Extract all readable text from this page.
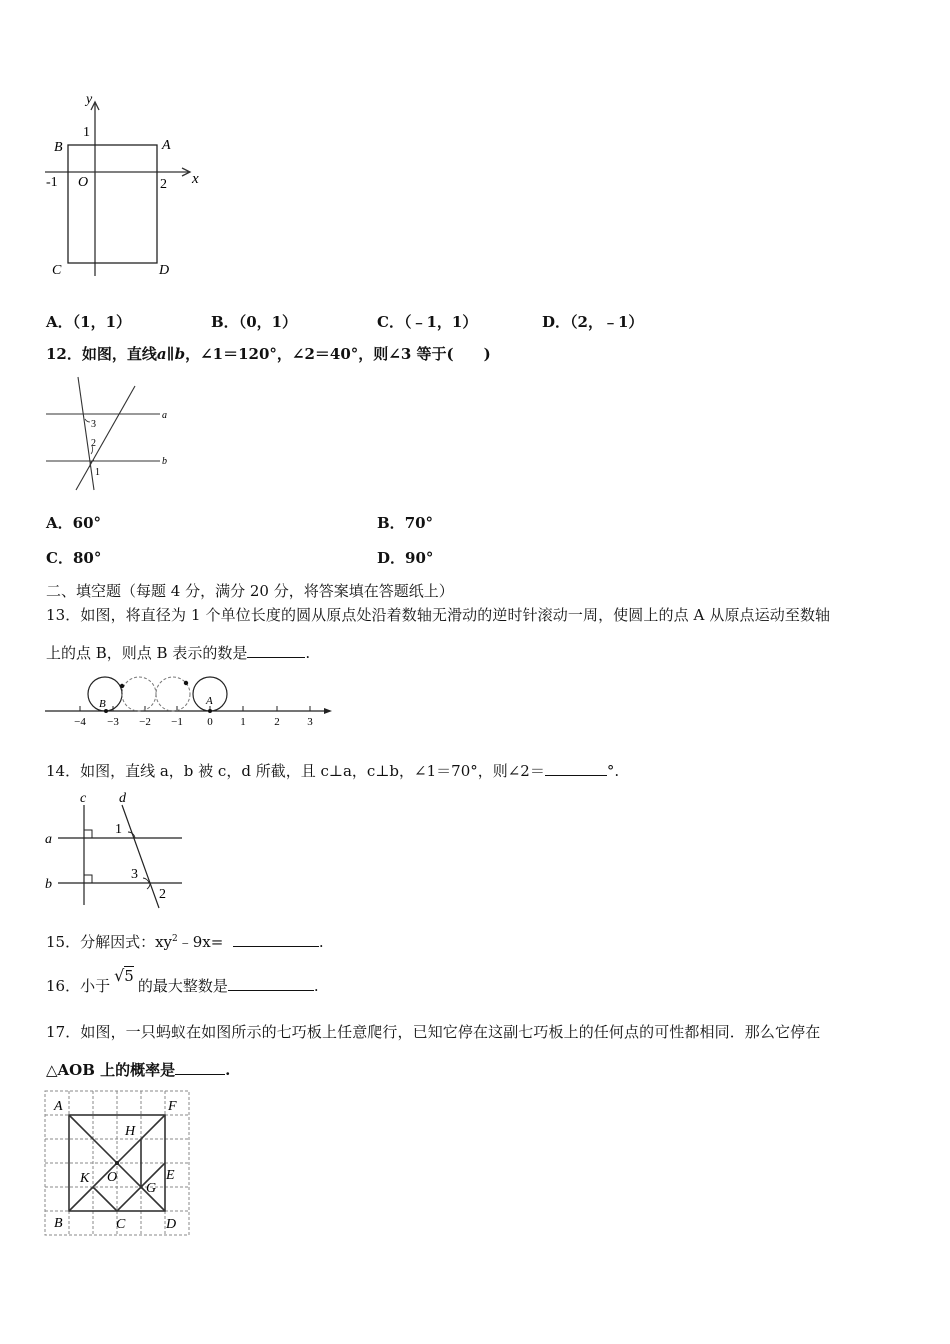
y
x
1
-1 O	2
A
B
C	D
A．（1，1）	B．（0，1）	C．（﹣1，1）	D．（2，﹣1）
12．如图，直线a∥b，∠1＝120°，∠2＝40°，则∠3 等于(　　)
a
b
3
2
1
A．60°	B．70°
C．80°	D．90°
二、填空题（每题 4 分，满分 20 分，将答案填在答题纸上）
13．如图，将直径为 1 个单位长度的圆从原点处沿着数轴无滑动的逆时针滚动一周，使圆上的点 A 从原点运动至数轴
上的点 B，则点 B 表示的数是	.
B	A
−4 −3 −2 −1 0	1	2	3
14．如图，直线 a，b 被 c，d 所截，且 c⊥a，c⊥b，∠1＝70°，则∠2＝	°.
c d
a
b
1
3
2
15．分解因式：$xy^2﹣9x=$	.
16．小于√5的最大整数是	.
17．如图，一只蚂蚁在如图所示的七巧板上任意爬行，已知它停在这副七巧板上的任何点的可性都相同．那么它停在
△AOB 上的概率是	.
A	F
H
K O
G
E
B	C	D
